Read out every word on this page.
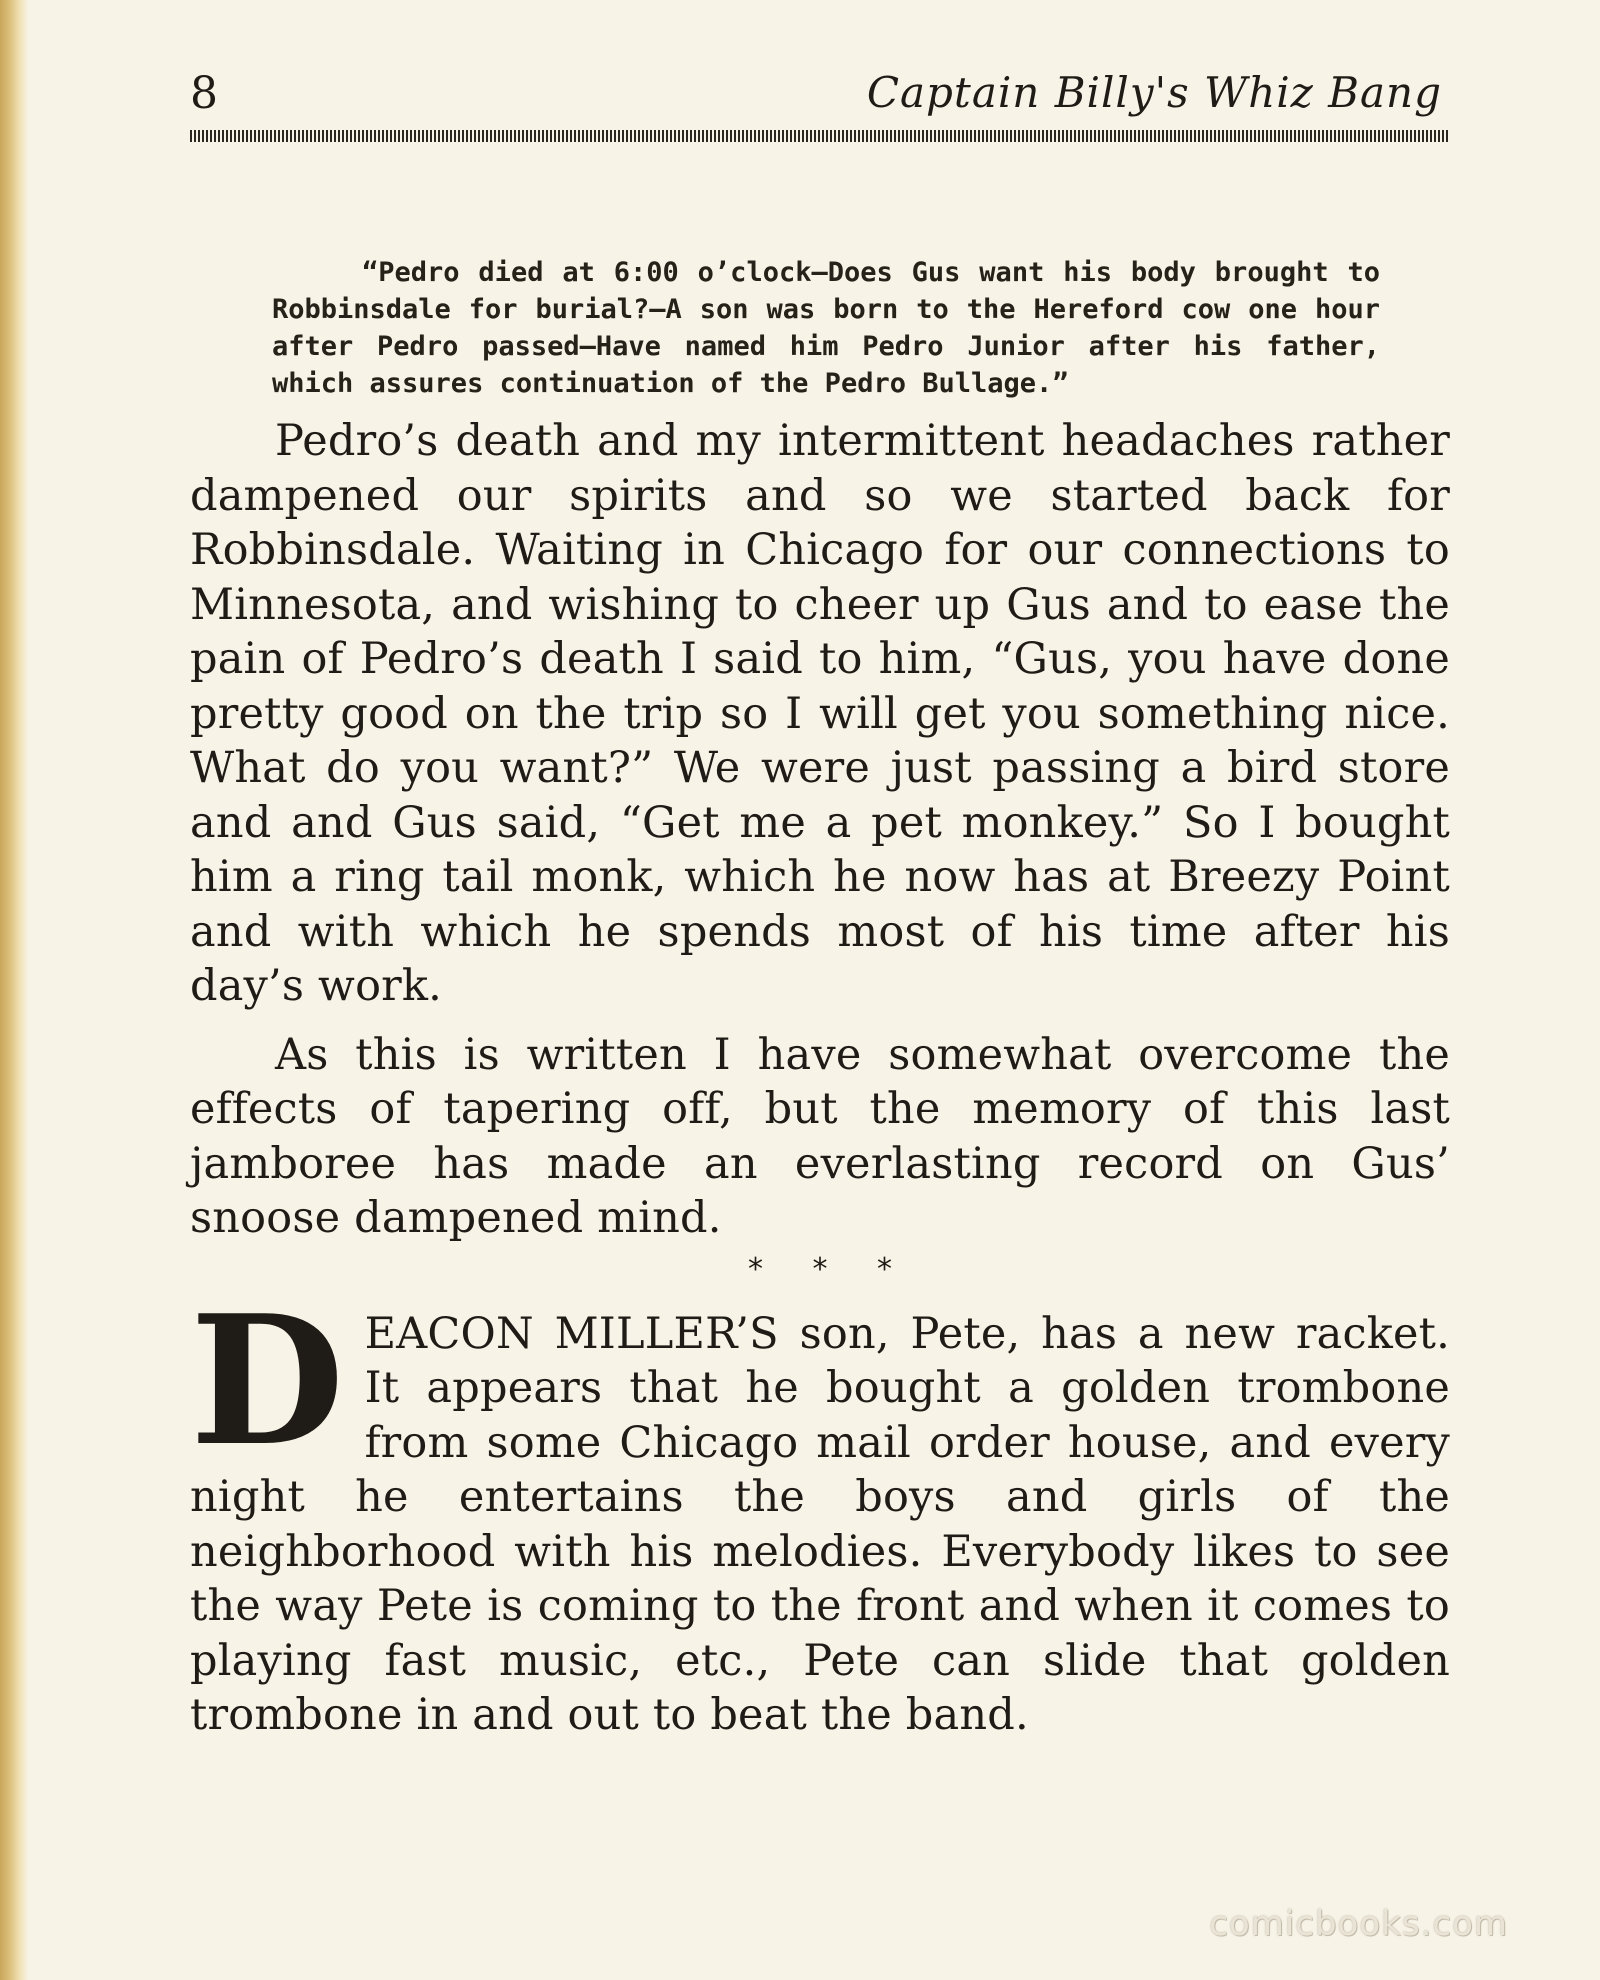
8	Captain Billy's Whiz Bang

“Pedro died at 6:00 o’clock—Does Gus want his body brought to Robbinsdale for burial?—A son was born to the Hereford cow one hour after Pedro passed—Have named him Pedro Junior after his father, which assures continuation of the Pedro Bullage.”

Pedro’s death and my intermittent headaches rather dampened our spirits and so we started back for Robbinsdale. Waiting in Chicago for our connections to Minnesota, and wishing to cheer up Gus and to ease the pain of Pedro’s death I said to him, “Gus, you have done pretty good on the trip so I will get you something nice. What do you want?” We were just passing a bird store and and Gus said, “Get me a pet monkey.” So I bought him a ring tail monk, which he now has at Breezy Point and with which he spends most of his time after his day’s work.

As this is written I have somewhat overcome the effects of tapering off, but the memory of this last jamboree has made an everlasting record on Gus’ snoose dampened mind.

* * *

DEACON MILLER’S son, Pete, has a new racket. It appears that he bought a golden trombone from some Chicago mail order house, and every night he entertains the boys and girls of the neighborhood with his melodies. Everybody likes to see the way Pete is coming to the front and when it comes to playing fast music, etc., Pete can slide that golden trombone in and out to beat the band.

comicbooks.com
